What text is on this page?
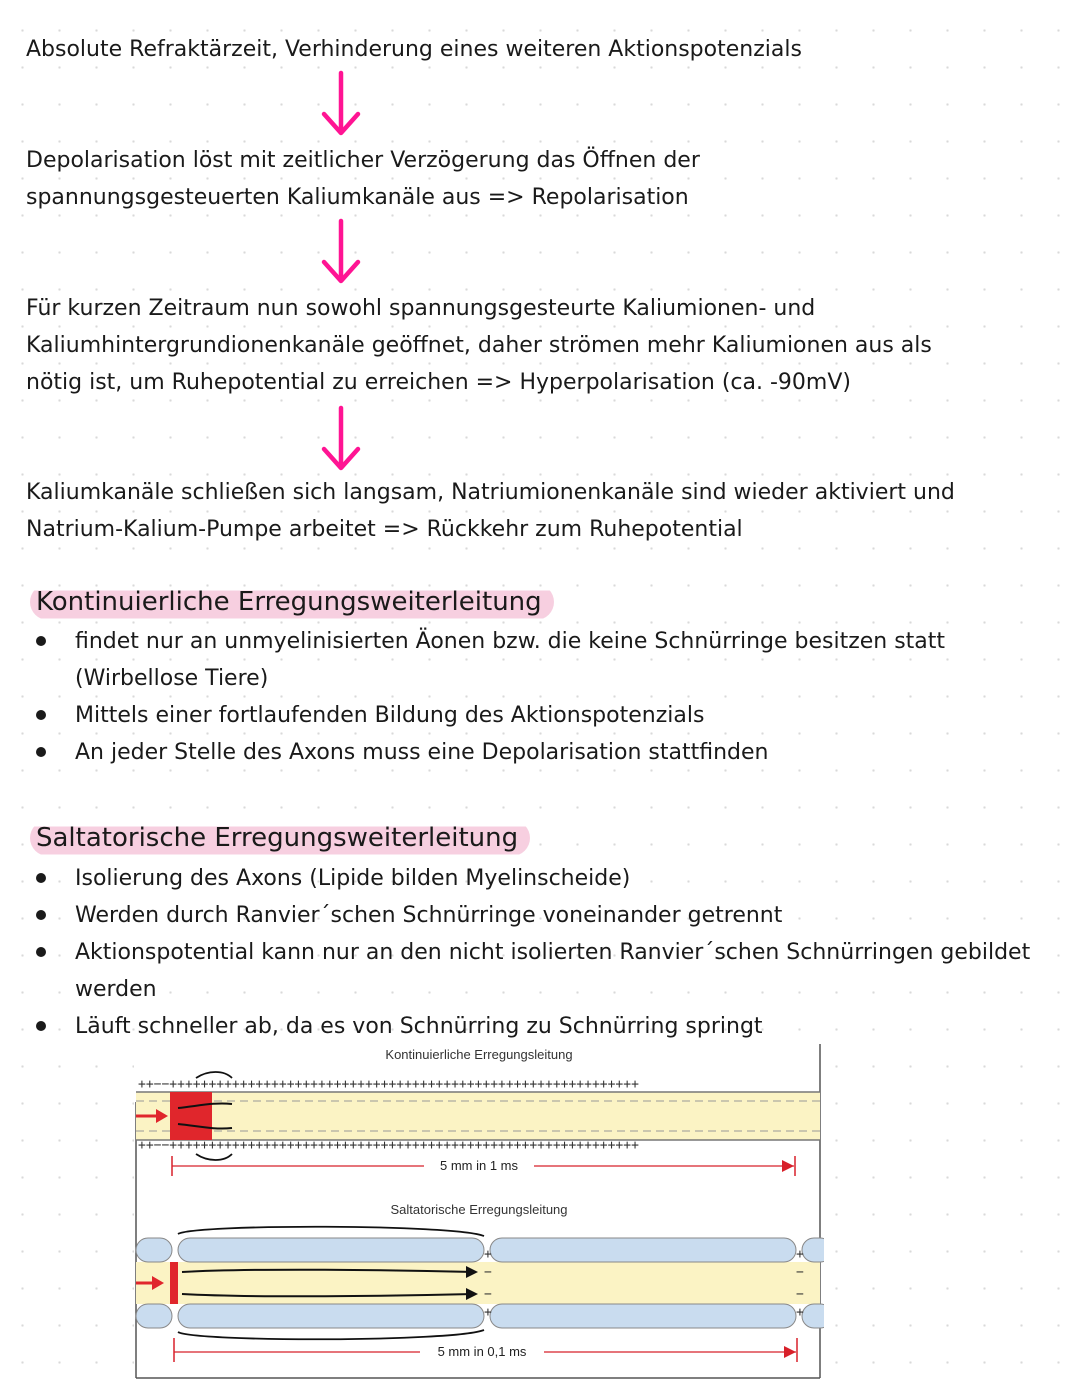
Absolute Refraktärzeit, Verhinderung eines weiteren Aktionspotenzials

Depolarisation löst mit zeitlicher Verzögerung das Öffnen der
spannungsgesteuerten Kaliumkanäle aus => Repolarisation

Für kurzen Zeitraum nun sowohl spannungsgesteurte Kaliumionen- und
Kaliumhintergrundionenkanäle geöffnet, daher strömen mehr Kaliumionen aus als
nötig ist, um Ruhepotential zu erreichen => Hyperpolarisation (ca. -90mV)

Kaliumkanäle schließen sich langsam, Natriumionenkanäle sind wieder aktiviert und
Natrium-Kalium-Pumpe arbeitet => Rückkehr zum Ruhepotential

Kontinuierliche Erregungsweiterleitung
findet nur an unmyelinisierten Äonen bzw. die keine Schnürringe besitzen statt (Wirbellose Tiere)
Mittels einer fortlaufenden Bildung des Aktionspotenzials
An jeder Stelle des Axons muss eine Depolarisation stattfinden
Saltatorische Erregungsweiterleitung
Isolierung des Axons (Lipide bilden Myelinscheide)
Werden durch Ranvier´schen Schnürringe voneinander getrennt
Aktionspotential kann nur an den nicht isolierten Ranvier´schen Schnürringen gebildet werden
Läuft schneller ab, da es von Schnürring zu Schnürring springt
Kontinuierliche Erregungsleitung
++−−++++++++++++++++++++++++++++++++++++++++++++++++++++++++++++
++−−++++++++++++++++++++++++++++++++++++++++++++++++++++++++++++
5 mm in 1 ms
Saltatorische Erregungsleitung
+
−
−
+
+
−
−
+
5 mm in 0,1 ms
